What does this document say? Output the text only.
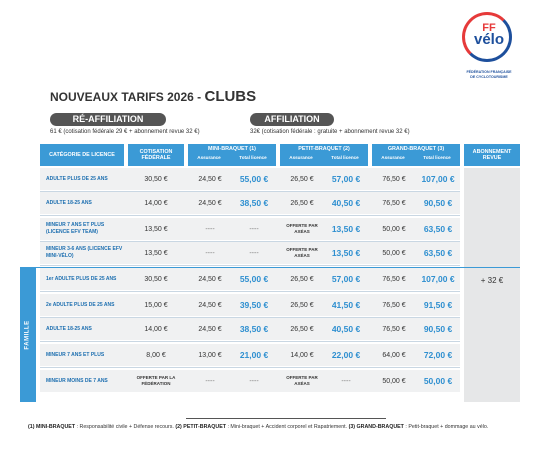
FF
vélo
FÉDÉRATION FRANÇAISE
DE CYCLOTOURISME
NOUVEAUX TARIFS 2026 - CLUBS
RÉ-AFFILIATION
61 € (cotisation fédérale 29 € + abonnement revue 32 €)
AFFILIATION
32€ (cotisation fédérale : gratuite + abonnement revue 32 €)
CATÉGORIE DE LICENCE
COTISATION FÉDÉRALE
MINI-BRAQUET (1)
Assurance	Total licence
PETIT-BRAQUET (2)
Assurance	Total licence
GRAND-BRAQUET (3)
Assurance	Total licence
ABONNEMENT REVUE
+ 32 €
FAMILLE
ADULTE PLUS DE 25 ANS	30,50 €	24,50 €	55,00 €	26,50 €	57,00 €	76,50 €	107,00 €
ADULTE 18-25 ANS	14,00 €	24,50 €	38,50 €	26,50 €	40,50 €	76,50 €	90,50 €
MINEUR 7 ANS ET PLUS (LICENCE EFV TEAM)	13,50 €	----	----	OFFERTE PAR AXÉAS	13,50 €	50,00 €	63,50 €
MINEUR 3-6 ANS (LICENCE EFV MINI-VÉLO)	13,50 €	----	----	OFFERTE PAR AXÉAS	13,50 €	50,00 €	63,50 €
1er ADULTE PLUS DE 25 ANS	30,50 €	24,50 €	55,00 €	26,50 €	57,00 €	76,50 €	107,00 €
2e ADULTE PLUS DE 25 ANS	15,00 €	24,50 €	39,50 €	26,50 €	41,50 €	76,50 €	91,50 €
ADULTE 18-25 ANS	14,00 €	24,50 €	38,50 €	26,50 €	40,50 €	76,50 €	90,50 €
MINEUR 7 ANS ET PLUS	8,00 €	13,00 €	21,00 €	14,00 €	22,00 €	64,00 €	72,00 €
MINEUR MOINS DE 7 ANS	OFFERTE PAR LA FÉDÉRATION	----	----	OFFERTE PAR AXÉAS	----	50,00 €	50,00 €
(1) MINI-BRAQUET : Responsabilité civile + Défense recours. (2) PETIT-BRAQUET : Mini-braquet + Accident corporel et Rapatriement. (3) GRAND-BRAQUET : Petit-braquet + dommage au vélo.
